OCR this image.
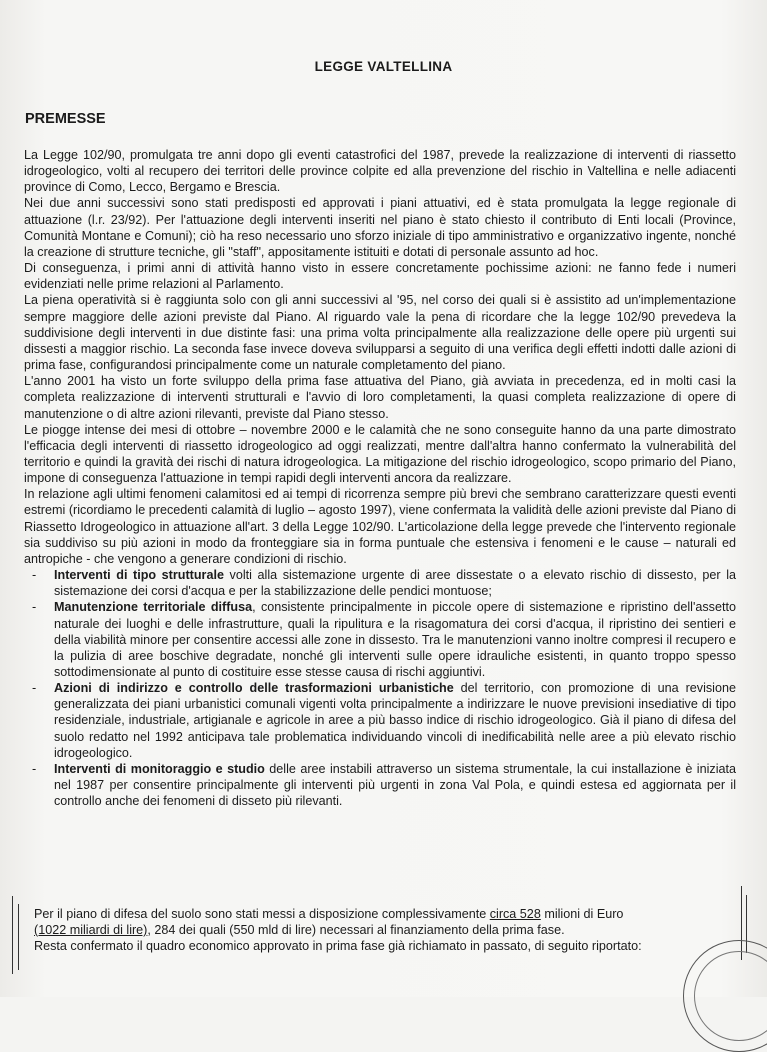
LEGGE VALTELLINA
PREMESSE

La Legge 102/90, promulgata tre anni dopo gli eventi catastrofici del 1987, prevede la realizzazione di interventi di riassetto idrogeologico, volti al recupero dei territori delle province colpite ed alla prevenzione del rischio in Valtellina e nelle adiacenti province di Como, Lecco, Bergamo e Brescia.

Nei due anni successivi sono stati predisposti ed approvati i piani attuativi, ed è stata promulgata la legge regionale di attuazione (l.r. 23/92). Per l'attuazione degli interventi inseriti nel piano è stato chiesto il contributo di Enti locali (Province, Comunità Montane e Comuni); ciò ha reso necessario uno sforzo iniziale di tipo amministrativo e organizzativo ingente, nonché la creazione di strutture tecniche, gli "staff", appositamente istituiti e dotati di personale assunto ad hoc.

Di conseguenza, i primi anni di attività hanno visto in essere concretamente pochissime azioni: ne fanno fede i numeri evidenziati nelle prime relazioni al Parlamento.

La piena operatività si è raggiunta solo con gli anni successivi al '95, nel corso dei quali si è assistito ad un'implementazione sempre maggiore delle azioni previste dal Piano. Al riguardo vale la pena di ricordare che la legge 102/90 prevedeva la suddivisione degli interventi in due distinte fasi: una prima volta principalmente alla realizzazione delle opere più urgenti sui dissesti a maggior rischio. La seconda fase invece doveva svilupparsi a seguito di una verifica degli effetti indotti dalle azioni di prima fase, configurandosi principalmente come un naturale completamento del piano.

L'anno 2001 ha visto un forte sviluppo della prima fase attuativa del Piano, già avviata in precedenza, ed in molti casi la completa realizzazione di interventi strutturali e l'avvio di loro completamenti, la quasi completa realizzazione di opere di manutenzione o di altre azioni rilevanti, previste dal Piano stesso.

Le piogge intense dei mesi di ottobre – novembre 2000 e le calamità che ne sono conseguite hanno da una parte dimostrato l'efficacia degli interventi di riassetto idrogeologico ad oggi realizzati, mentre dall'altra hanno confermato la vulnerabilità del territorio e quindi la gravità dei rischi di natura idrogeologica. La mitigazione del rischio idrogeologico, scopo primario del Piano, impone di conseguenza l'attuazione in tempi rapidi degli interventi ancora da realizzare.

In relazione agli ultimi fenomeni calamitosi ed ai tempi di ricorrenza sempre più brevi che sembrano caratterizzare questi eventi estremi (ricordiamo le precedenti calamità di luglio – agosto 1997), viene confermata la validità delle azioni previste dal Piano di Riassetto Idrogeologico in attuazione all'art. 3 della Legge 102/90. L'articolazione della legge prevede che l'intervento regionale sia suddiviso su più azioni in modo da fronteggiare sia in forma puntuale che estensiva i fenomeni e le cause – naturali ed antropiche - che vengono a generare condizioni di rischio.

- Interventi di tipo strutturale volti alla sistemazione urgente di aree dissestate o a elevato rischio di dissesto, per la sistemazione dei corsi d'acqua e per la stabilizzazione delle pendici montuose;
- Manutenzione territoriale diffusa, consistente principalmente in piccole opere di sistemazione e ripristino dell'assetto naturale dei luoghi e delle infrastrutture, quali la ripulitura e la risagomatura dei corsi d'acqua, il ripristino dei sentieri e della viabilità minore per consentire accessi alle zone in dissesto. Tra le manutenzioni vanno inoltre compresi il recupero e la pulizia di aree boschive degradate, nonché gli interventi sulle opere idrauliche esistenti, in quanto troppo spesso sottodimensionate al punto di costituire esse stesse causa di rischi aggiuntivi.
- Azioni di indirizzo e controllo delle trasformazioni urbanistiche del territorio, con promozione di una revisione generalizzata dei piani urbanistici comunali vigenti volta principalmente a indirizzare le nuove previsioni insediative di tipo residenziale, industriale, artigianale e agricole in aree a più basso indice di rischio idrogeologico. Già il piano di difesa del suolo redatto nel 1992 anticipava tale problematica individuando vincoli di inedificabilità nelle aree a più elevato rischio idrogeologico.
- Interventi di monitoraggio e studio delle aree instabili attraverso un sistema strumentale, la cui installazione è iniziata nel 1987 per consentire principalmente gli interventi più urgenti in zona Val Pola, e quindi estesa ed aggiornata per il controllo anche dei fenomeni di disseto più rilevanti.

Per il piano di difesa del suolo sono stati messi a disposizione complessivamente circa 528 milioni di Euro

(1022 miliardi di lire), 284 dei quali (550 mld di lire) necessari al finanziamento della prima fase.

Resta confermato il quadro economico approvato in prima fase già richiamato in passato, di seguito riportato:
